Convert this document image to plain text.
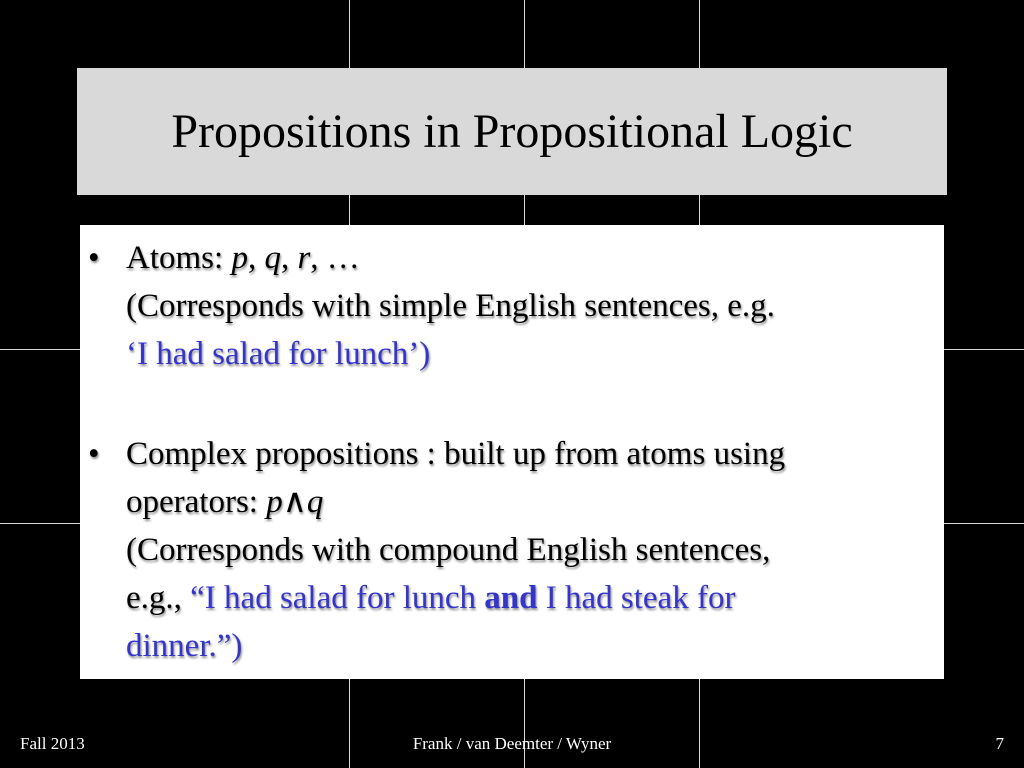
Propositions in Propositional Logic
• Atoms: p, q, r, …
(Corresponds with simple English sentences, e.g.
‘I had salad for lunch’)
• Complex propositions : built up from atoms using
operators: p∧q
(Corresponds with compound English sentences,
e.g., “I had salad for lunch and I had steak for
dinner.”)
Fall 2013	Frank / van Deemter / Wyner	7
